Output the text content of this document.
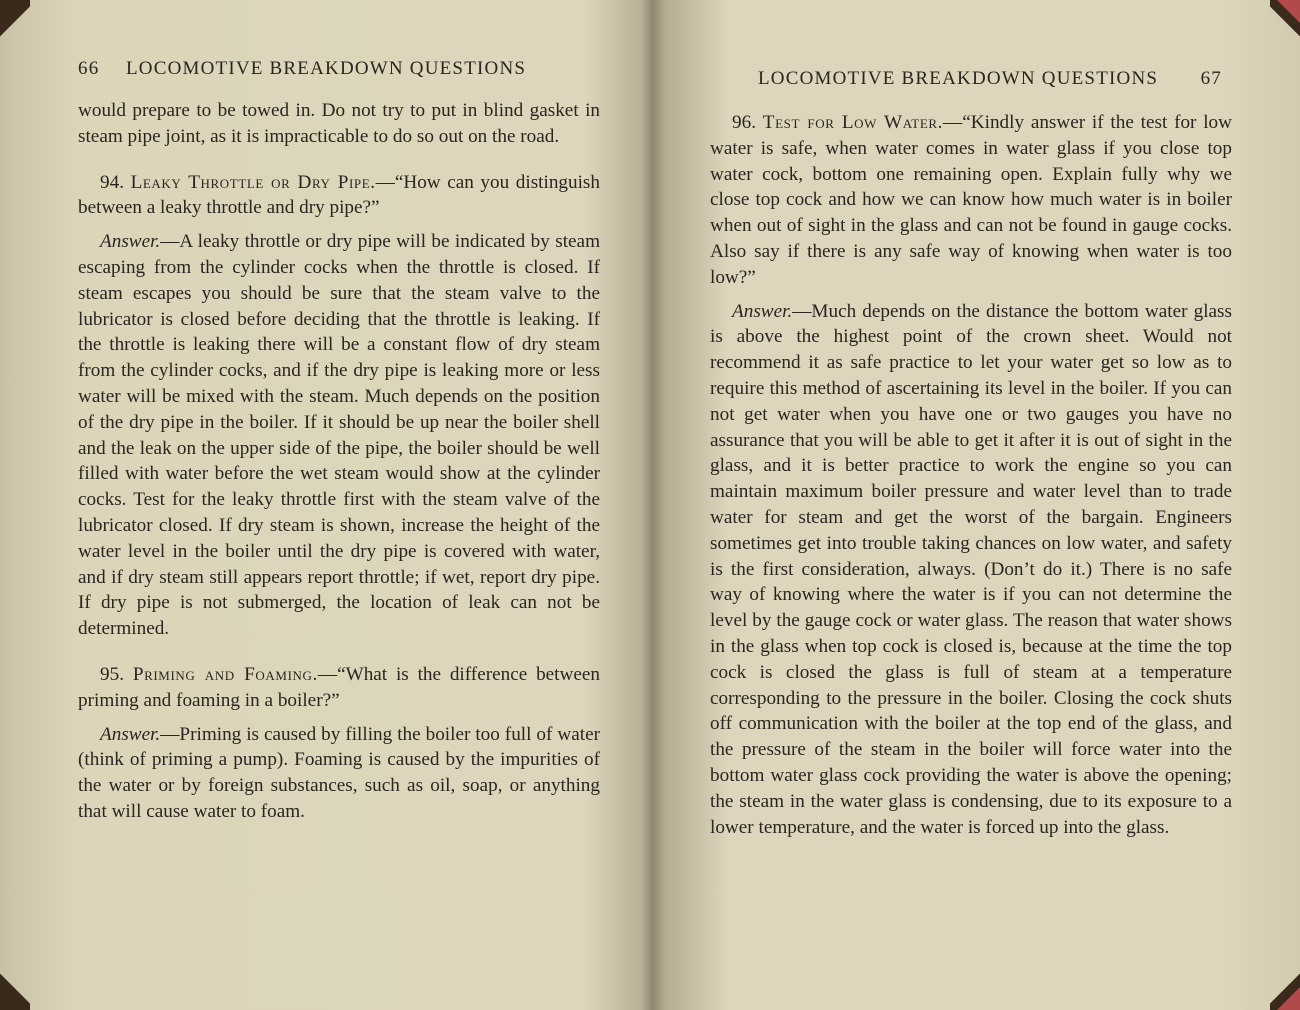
66 LOCOMOTIVE BREAKDOWN QUESTIONS

would prepare to be towed in. Do not try to put in blind gasket in steam pipe joint, as it is impracticable to do so out on the road.

94. Leaky Throttle or Dry Pipe.—“How can you distinguish between a leaky throttle and dry pipe?”

Answer.—A leaky throttle or dry pipe will be indicated by steam escaping from the cylinder cocks when the throttle is closed. If steam escapes you should be sure that the steam valve to the lubricator is closed before deciding that the throttle is leaking. If the throttle is leaking there will be a constant flow of dry steam from the cylinder cocks, and if the dry pipe is leaking more or less water will be mixed with the steam. Much depends on the position of the dry pipe in the boiler. If it should be up near the boiler shell and the leak on the upper side of the pipe, the boiler should be well filled with water before the wet steam would show at the cylinder cocks. Test for the leaky throttle first with the steam valve of the lubricator closed. If dry steam is shown, increase the height of the water level in the boiler until the dry pipe is covered with water, and if dry steam still appears report throttle; if wet, report dry pipe. If dry pipe is not submerged, the location of leak can not be determined.

95. Priming and Foaming.—“What is the difference between priming and foaming in a boiler?”

Answer.—Priming is caused by filling the boiler too full of water (think of priming a pump). Foaming is caused by the impurities of the water or by foreign substances, such as oil, soap, or anything that will cause water to foam.

LOCOMOTIVE BREAKDOWN QUESTIONS 67

96. Test for Low Water.—“Kindly answer if the test for low water is safe, when water comes in water glass if you close top water cock, bottom one remaining open. Explain fully why we close top cock and how we can know how much water is in boiler when out of sight in the glass and can not be found in gauge cocks. Also say if there is any safe way of knowing when water is too low?”

Answer.—Much depends on the distance the bottom water glass is above the highest point of the crown sheet. Would not recommend it as safe practice to let your water get so low as to require this method of ascertaining its level in the boiler. If you can not get water when you have one or two gauges you have no assurance that you will be able to get it after it is out of sight in the glass, and it is better practice to work the engine so you can maintain maximum boiler pressure and water level than to trade water for steam and get the worst of the bargain. Engineers sometimes get into trouble taking chances on low water, and safety is the first consideration, always. (Don’t do it.) There is no safe way of knowing where the water is if you can not determine the level by the gauge cock or water glass. The reason that water shows in the glass when top cock is closed is, because at the time the top cock is closed the glass is full of steam at a temperature corresponding to the pressure in the boiler. Closing the cock shuts off communication with the boiler at the top end of the glass, and the pressure of the steam in the boiler will force water into the bottom water glass cock providing the water is above the opening; the steam in the water glass is condensing, due to its exposure to a lower temperature, and the water is forced up into the glass.
